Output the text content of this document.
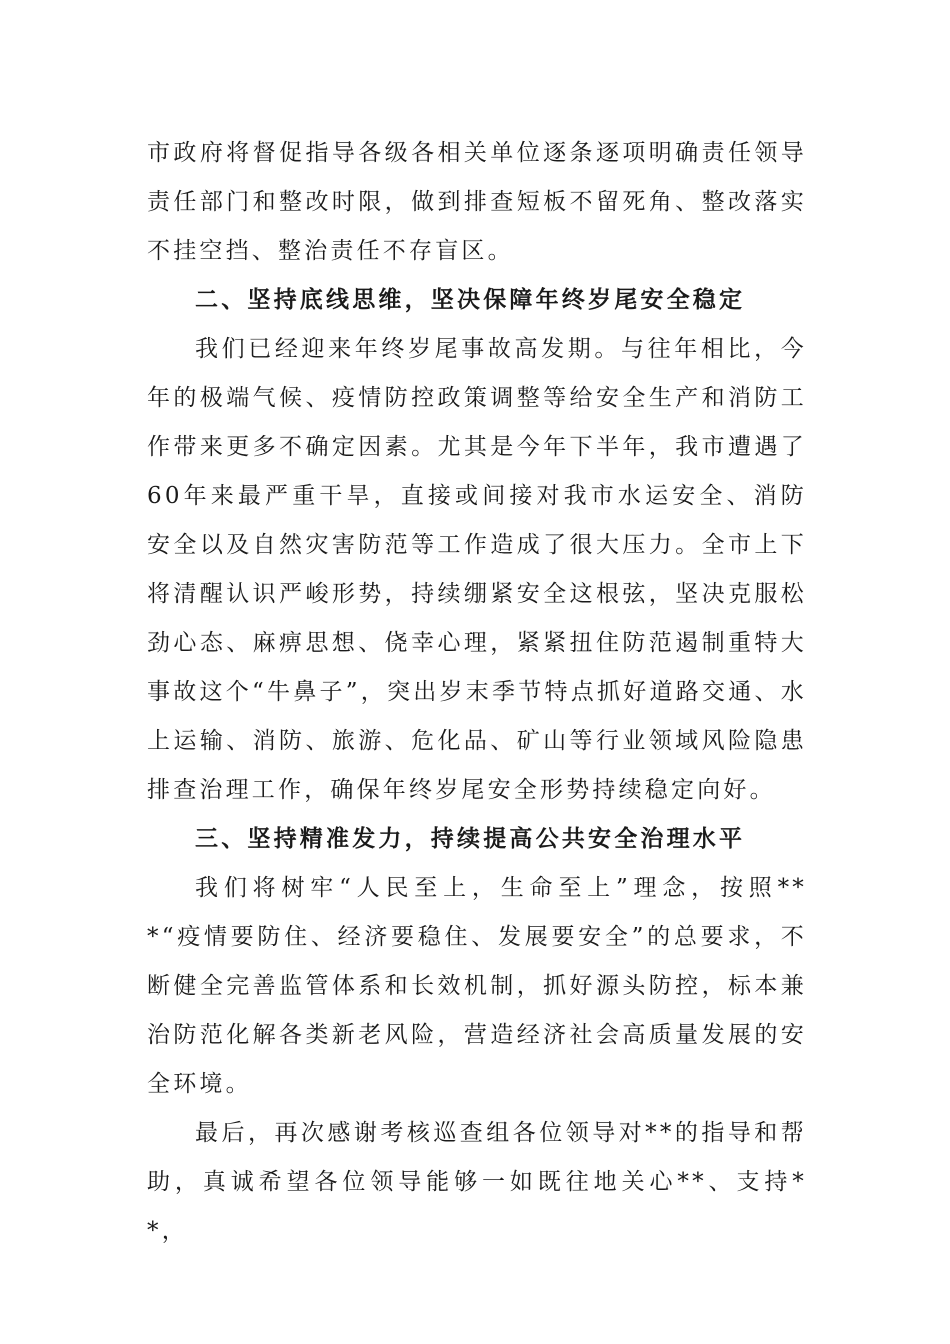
市政府将督促指导各级各相关单位逐条逐项明确责任领导责任部门和整改时限，做到排查短板不留死角、整改落实不挂空挡、整治责任不存盲区。

二、坚持底线思维，坚决保障年终岁尾安全稳定

我们已经迎来年终岁尾事故高发期。与往年相比，今年的极端气候、疫情防控政策调整等给安全生产和消防工作带来更多不确定因素。尤其是今年下半年，我市遭遇了60年来最严重干旱，直接或间接对我市水运安全、消防安全以及自然灾害防范等工作造成了很大压力。全市上下将清醒认识严峻形势，持续绷紧安全这根弦，坚决克服松劲心态、麻痹思想、侥幸心理，紧紧扭住防范遏制重特大事故这个“牛鼻子”，突出岁末季节特点抓好道路交通、水上运输、消防、旅游、危化品、矿山等行业领域风险隐患排查治理工作，确保年终岁尾安全形势持续稳定向好。

三、坚持精准发力，持续提高公共安全治理水平

我们将树牢“人民至上，生命至上”理念，按照***“疫情要防住、经济要稳住、发展要安全”的总要求，不断健全完善监管体系和长效机制，抓好源头防控，标本兼治防范化解各类新老风险，营造经济社会高质量发展的安全环境。

最后，再次感谢考核巡查组各位领导对**的指导和帮助，真诚希望各位领导能够一如既往地关心**、支持**，
